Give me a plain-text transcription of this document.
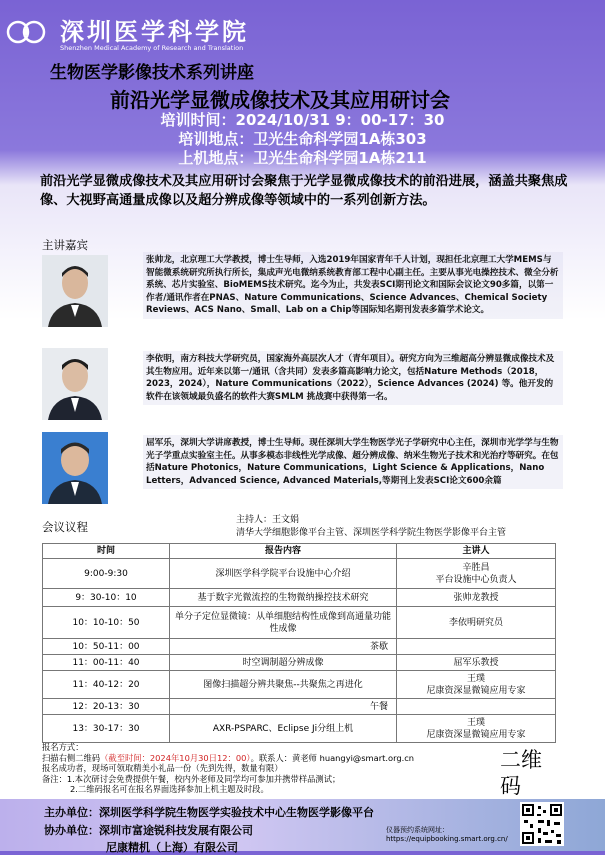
深圳医学科学院
Shenzhen Medical Academy of Research and Translation
生物医学影像技术系列讲座
前沿光学显微成像技术及其应用研讨会
培训时间：2024/10/31 9：00-17：30
培训地点：卫光生命科学园1A栋303
上机地点：卫光生命科学园1A栋211
前沿光学显微成像技术及其应用研讨会聚焦于光学显微成像技术的前沿进展，涵盖共聚焦成像、大视野高通量成像以及超分辨成像等领域中的一系列创新方法。
主讲嘉宾
张帅龙，北京理工大学教授，博士生导师，入选2019年国家青年千人计划，现担任北京理工大学MEMS与智能微系统研究所执行所长，集成声光电微纳系统教育部工程中心副主任。主要从事光电操控技术、微全分析系统、芯片实验室、BioMEMS技术研究。迄今为止，共发表SCI期刊论文和国际会议论文90多篇，以第一作者/通讯作者在PNAS、Nature Communications、Science Advances、Chemical Society Reviews、ACS Nano、Small、Lab on a Chip等国际知名期刊发表多篇学术论文。
李依明，南方科技大学研究员，国家海外高层次人才（青年项目）。研究方向为三维超高分辨显微成像技术及其生物应用。近年来以第一/通讯（含共同）发表多篇高影响力论文，包括Nature Methods（2018，2023，2024），Nature Communications（2022），Science Advances (2024) 等。他开发的软件在该领域最负盛名的软件大赛SMLM 挑战赛中获得第一名。
屈军乐，深圳大学讲席教授，博士生导师。现任深圳大学生物医学光子学研究中心主任，深圳市光学学与生物光子学重点实验室主任。从事多模态非线性光学成像、超分辨成像、纳米生物光子技术和光治疗等研究。在包括Nature Photonics，Nature Communications，Light Science & Applications，Nano Letters，Advanced Science, Advanced Materials,等期刊上发表SCI论文600余篇
会议议程	主持人：王文娟
清华大学细胞影像平台主管、深圳医学科学院生物医学影像平台主管
时间	报告内容	主讲人
9:00-9:30	深圳医学科学院平台设施中心介绍	辛胜昌
平台设施中心负责人
9：30-10：10	基于数字光微流控的生物微纳操控技术研究	张帅龙教授
10：10-10：50	单分子定位显微镜：从单细胞结构性成像到高通量功能性成像	李依明研究员
10：50-11：00	茶歇	
11：00-11：40	时空调制超分辨成像	屈军乐教授
11：40-12：20	图像扫描超分辨共聚焦--共聚焦之再进化	王璞
尼康资深显微镜应用专家
12：20-13：30	午餐	
13：30-17：30	AXR-PSPARC、Eclipse Ji分组上机	王璞
尼康资深显微镜应用专家
报名方式：
扫描右侧二维码（截至时间：2024年10月30日12：00）。联系人：黄老师 huangyi@smart.org.cn
报名成功者，现场可领取精美小礼品一份（先到先得，数量有限）
备注：1.本次研讨会免费提供午餐，校内外老师及同学均可参加并携带样品测试；
2.二维码报名可在报名界面选择参加上机主题及时段。
二维
码
主办单位：深圳医学科学院生物医学实验技术中心生物医学影像平台
协办单位：深圳市富途锐科技发展有限公司
尼康精机（上海）有限公司
仪器预约系统网址：
https://equipbooking.smart.org.cn/
